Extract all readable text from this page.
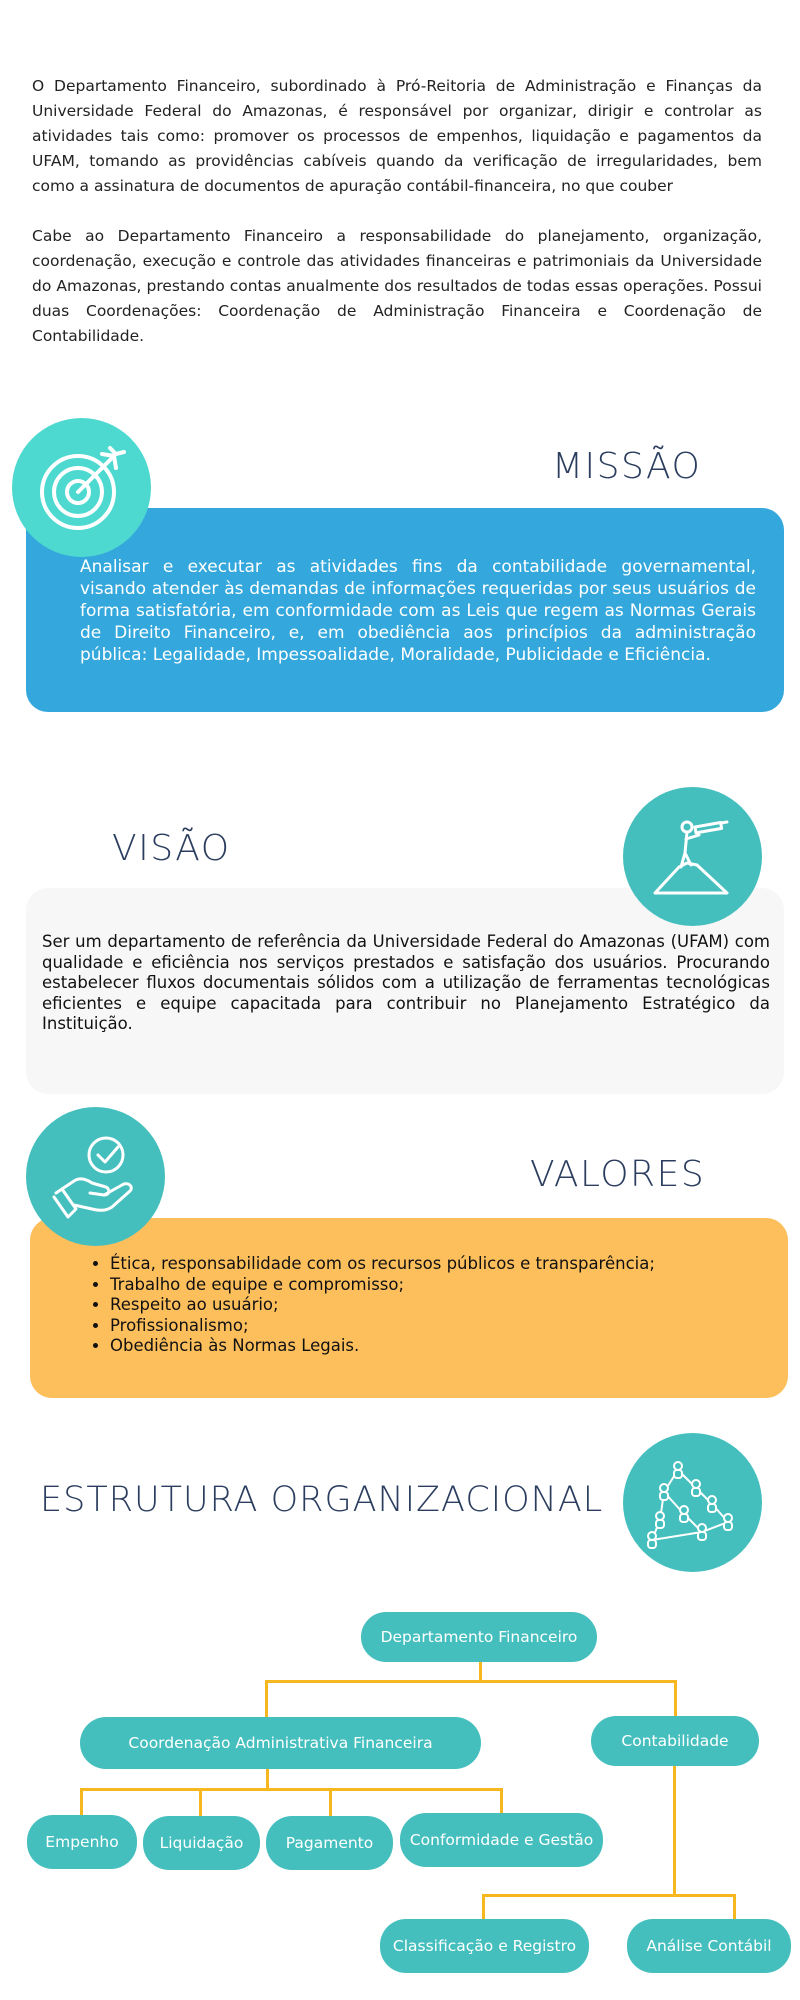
O Departamento Financeiro, subordinado à Pró-Reitoria de Administração e Finanças da Universidade Federal do Amazonas, é responsável por organizar, dirigir e controlar as atividades tais como: promover os processos de empenhos, liquidação e pagamentos da UFAM, tomando as providências cabíveis quando da verificação de irregularidades, bem como a assinatura de documentos de apuração contábil-financeira, no que couber

Cabe ao Departamento Financeiro a responsabilidade do planejamento, organização, coordenação, execução e controle das atividades financeiras e patrimoniais da Universidade do Amazonas, prestando contas anualmente dos resultados de todas essas operações. Possui duas Coordenações: Coordenação de Administração Financeira e Coordenação de Contabilidade.

Analisar e executar as atividades fins da contabilidade governamental, visando atender às demandas de informações requeridas por seus usuários de forma satisfatória, em conformidade com as Leis que regem as Normas Gerais de Direito Financeiro, e, em obediência aos princípios da administração pública: Legalidade, Impessoalidade, Moralidade, Publicidade e Eficiência.

MISSÃO

Ser um departamento de referência da Universidade Federal do Amazonas (UFAM) com qualidade e eficiência nos serviços prestados e satisfação dos usuários. Procurando estabelecer fluxos documentais sólidos com a utilização de ferramentas tecnológicas eficientes e equipe capacitada para contribuir no Planejamento Estratégico da Instituição.

VISÃO
• Ética, responsabilidade com os recursos públicos e transparência;
• Trabalho de equipe e compromisso;
• Respeito ao usuário;
• Profissionalismo;
• Obediência às Normas Legais.
VALORES
ESTRUTURA ORGANIZACIONAL
Departamento Financeiro
Coordenação Administrativa Financeira	Contabilidade
Empenho	Liquidação	Pagamento	Conformidade e Gestão
Classificação e Registro	Análise Contábil
